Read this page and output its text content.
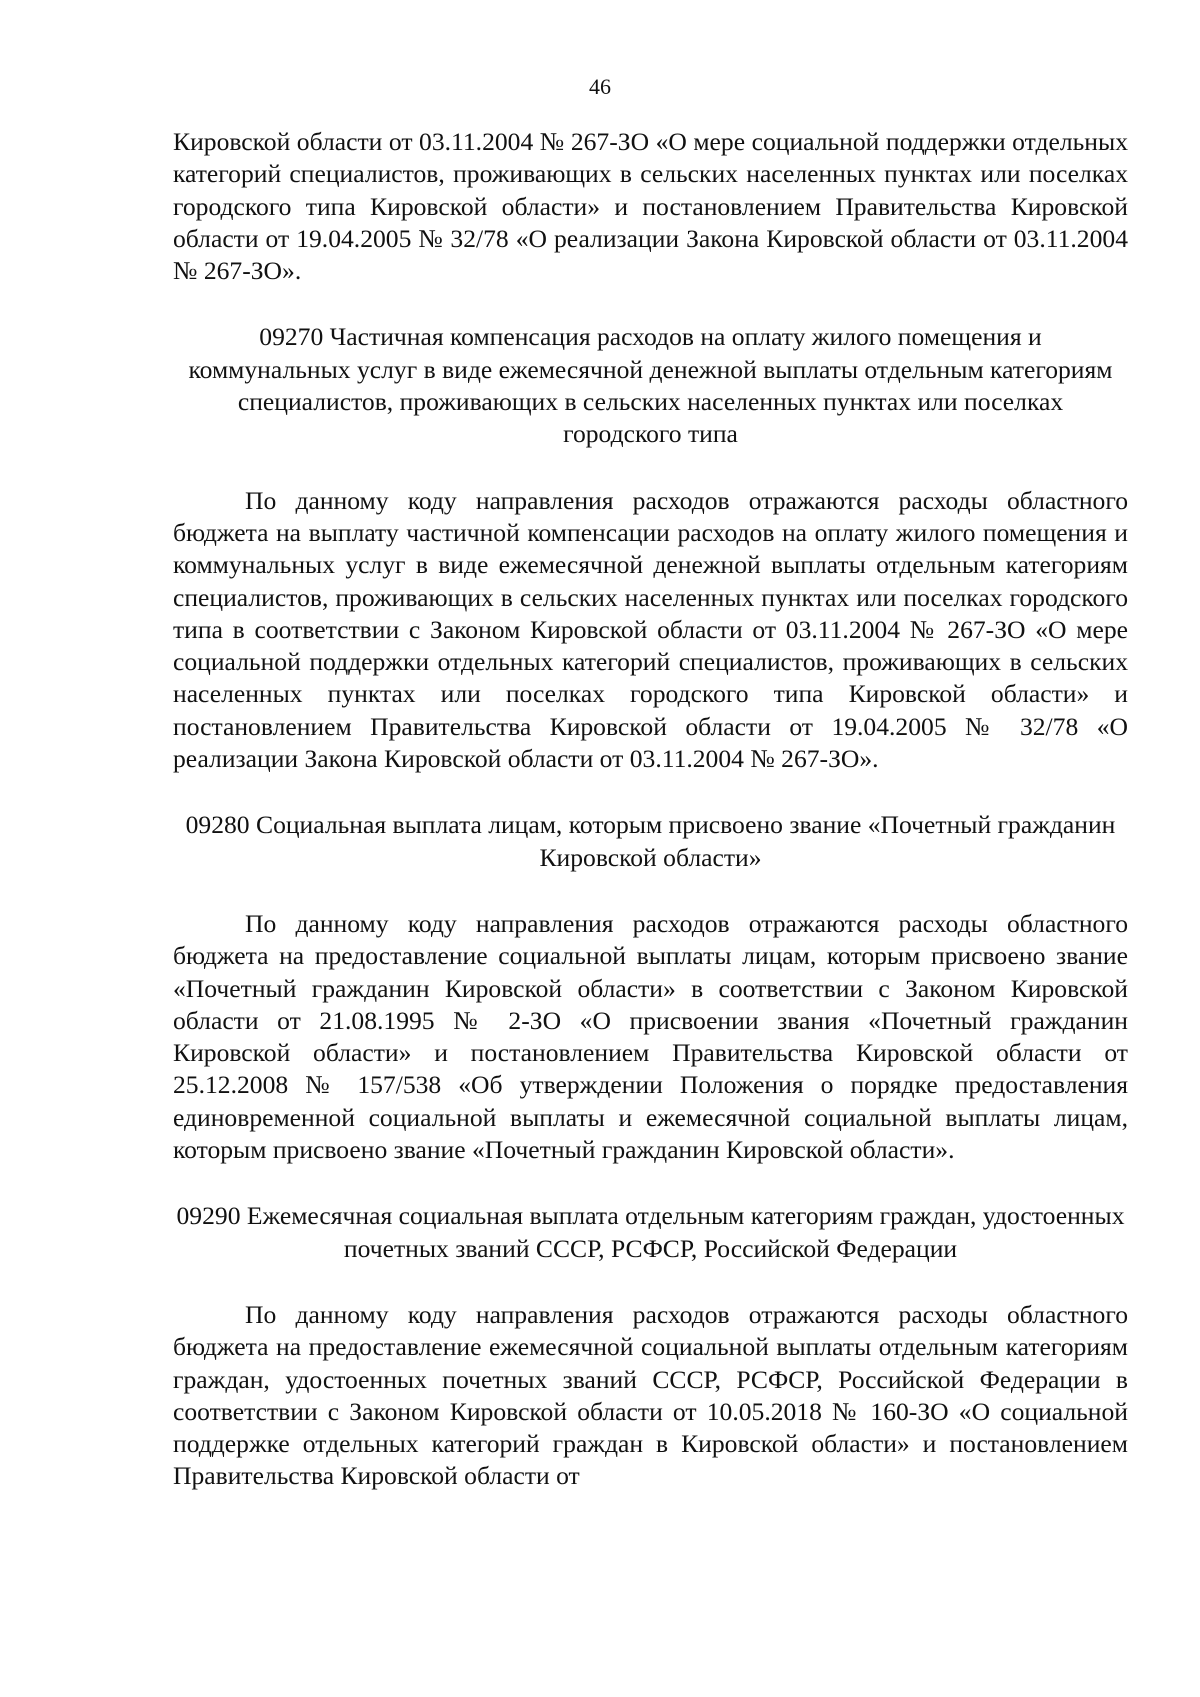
46

Кировской области от 03.11.2004 № 267-ЗО «О мере социальной поддержки отдельных категорий специалистов, проживающих в сельских населенных пунктах или поселках городского типа Кировской области» и постановлением Правительства Кировской области от 19.04.2005 № 32/78 «О реализации Закона Кировской области от 03.11.2004 № 267-ЗО».

09270 Частичная компенсация расходов на оплату жилого помещения и коммунальных услуг в виде ежемесячной денежной выплаты отдельным категориям специалистов, проживающих в сельских населенных пунктах или поселках городского типа

По данному коду направления расходов отражаются расходы областного бюджета на выплату частичной компенсации расходов на оплату жилого помещения и коммунальных услуг в виде ежемесячной денежной выплаты отдельным категориям специалистов, проживающих в сельских населенных пунктах или поселках городского типа в соответствии с Законом Кировской области от 03.11.2004 № 267-ЗО «О мере социальной поддержки отдельных категорий специалистов, проживающих в сельских населенных пунктах или поселках городского типа Кировской области» и постановлением Правительства Кировской области от 19.04.2005 № 32/78 «О реализации Закона Кировской области от 03.11.2004 № 267-ЗО».

09280 Социальная выплата лицам, которым присвоено звание «Почетный гражданин Кировской области»

По данному коду направления расходов отражаются расходы областного бюджета на предоставление социальной выплаты лицам, которым присвоено звание «Почетный гражданин Кировской области» в соответствии с Законом Кировской области от 21.08.1995 № 2-ЗО «О присвоении звания «Почетный гражданин Кировской области» и постановлением Правительства Кировской области от 25.12.2008 № 157/538 «Об утверждении Положения о порядке предоставления единовременной социальной выплаты и ежемесячной социальной выплаты лицам, которым присвоено звание «Почетный гражданин Кировской области».

09290 Ежемесячная социальная выплата отдельным категориям граждан, удостоенных почетных званий СССР, РСФСР, Российской Федерации

По данному коду направления расходов отражаются расходы областного бюджета на предоставление ежемесячной социальной выплаты отдельным категориям граждан, удостоенных почетных званий СССР, РСФСР, Российской Федерации в соответствии с Законом Кировской области от 10.05.2018 № 160-ЗО «О социальной поддержке отдельных категорий граждан в Кировской области» и постановлением Правительства Кировской области от
